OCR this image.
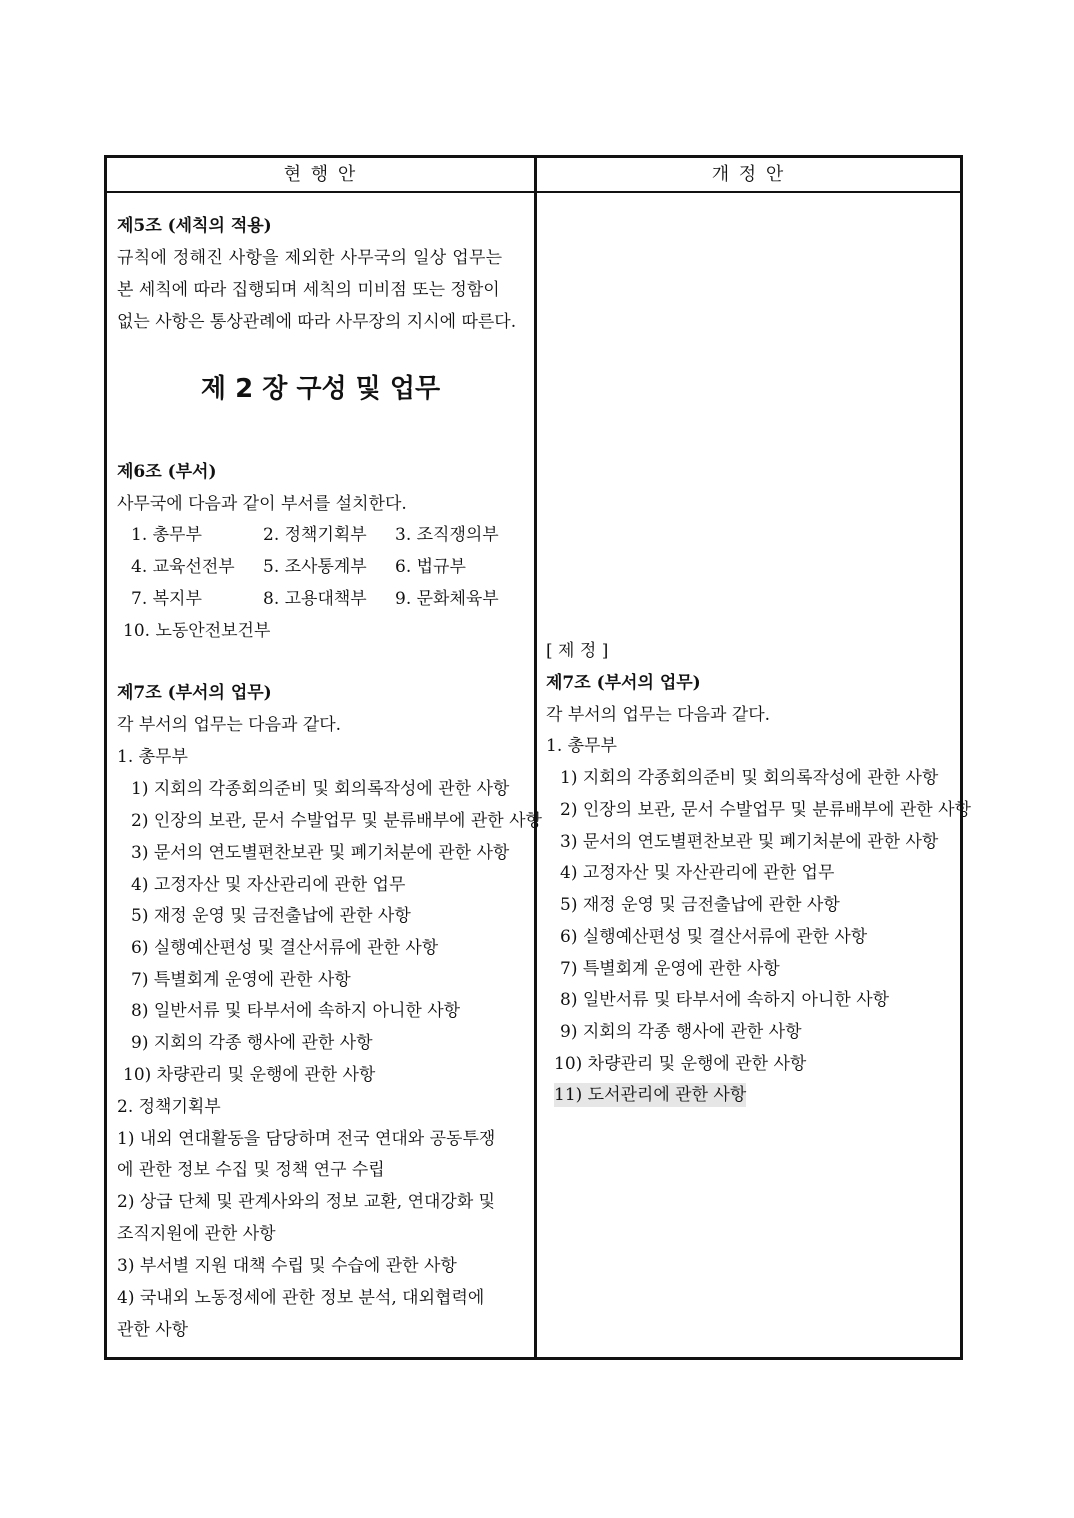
현 행 안	개 정 안
제5조 (세칙의 적용)
규칙에 정해진 사항을 제외한 사무국의 일상 업무는
본 세칙에 따라 집행되며 세칙의 미비점 또는 정함이
없는 사항은 통상관례에 따라 사무장의 지시에 따른다.
제 2 장 구성 및 업무
제6조 (부서)
사무국에 다음과 같이 부서를 설치한다.
1. 총무부	2. 정책기획부 3. 조직쟁의부
4. 교육선전부 5. 조사통계부 6. 법규부
7. 복지부	8. 고용대책부 9. 문화체육부
10. 노동안전보건부
제7조 (부서의 업무)
각 부서의 업무는 다음과 같다.
1. 총무부
1) 지회의 각종회의준비 및 회의록작성에 관한 사항
2) 인장의 보관, 문서 수발업무 및 분류배부에 관한 사항
3) 문서의 연도별편찬보관 및 폐기처분에 관한 사항
4) 고정자산 및 자산관리에 관한 업무
5) 재정 운영 및 금전출납에 관한 사항
6) 실행예산편성 및 결산서류에 관한 사항
7) 특별회계 운영에 관한 사항
8) 일반서류 및 타부서에 속하지 아니한 사항
9) 지회의 각종 행사에 관한 사항
10) 차량관리 및 운행에 관한 사항
2. 정책기획부
1) 내외 연대활동을 담당하며 전국 연대와 공동투쟁
에 관한 정보 수집 및 정책 연구 수립
2) 상급 단체 및 관계사와의 정보 교환, 연대강화 및
조직지원에 관한 사항
3) 부서별 지원 대책 수립 및 수습에 관한 사항
4) 국내외 노동정세에 관한 정보 분석, 대외협력에
관한 사항
[ 제 정 ]
제7조 (부서의 업무)
각 부서의 업무는 다음과 같다.
1. 총무부
1) 지회의 각종회의준비 및 회의록작성에 관한 사항
2) 인장의 보관, 문서 수발업무 및 분류배부에 관한 사항
3) 문서의 연도별편찬보관 및 폐기처분에 관한 사항
4) 고정자산 및 자산관리에 관한 업무
5) 재정 운영 및 금전출납에 관한 사항
6) 실행예산편성 및 결산서류에 관한 사항
7) 특별회계 운영에 관한 사항
8) 일반서류 및 타부서에 속하지 아니한 사항
9) 지회의 각종 행사에 관한 사항
10) 차량관리 및 운행에 관한 사항
11) 도서관리에 관한 사항
